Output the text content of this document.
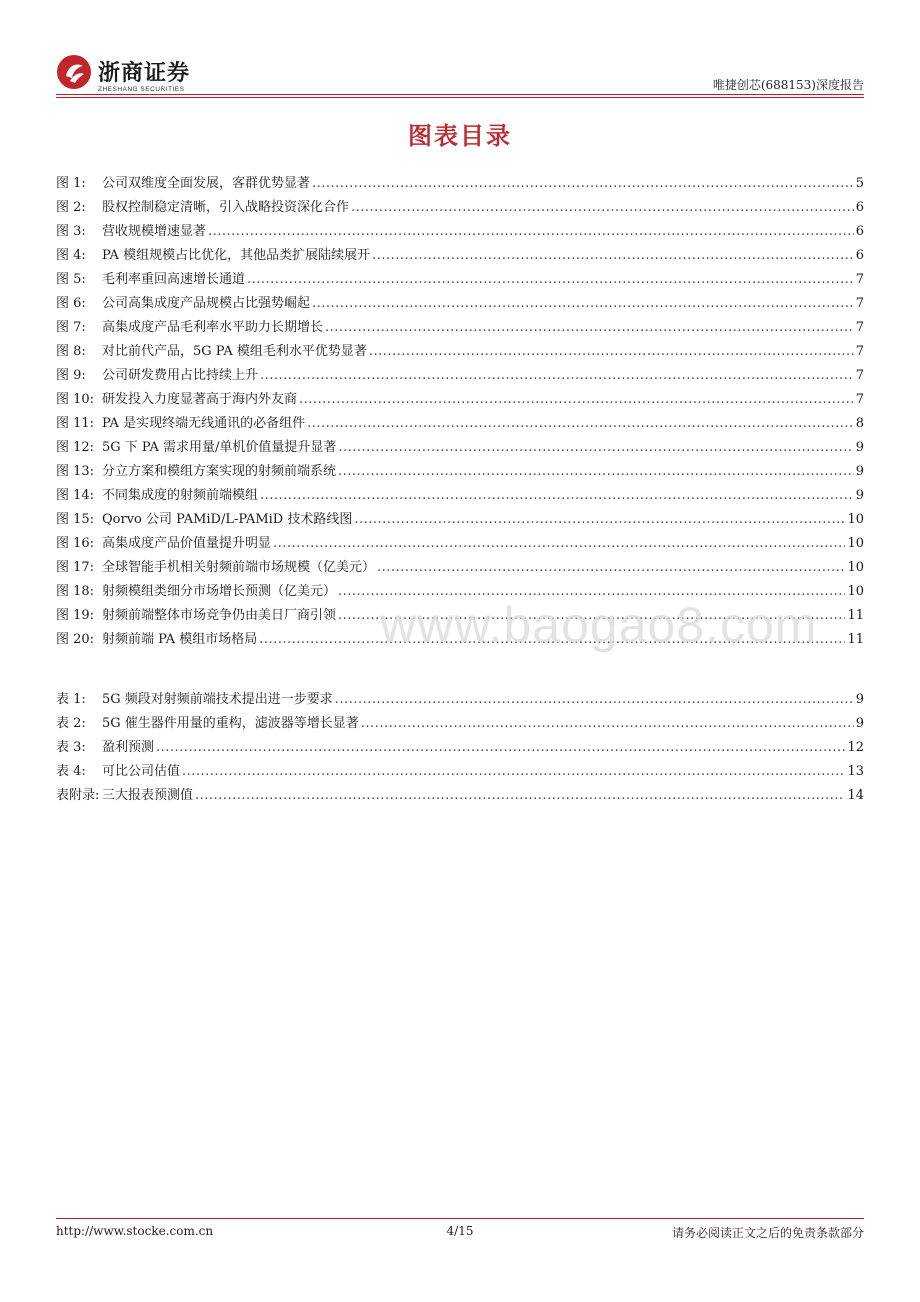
浙商证券
ZHESHANG SECURITIES	唯捷创芯(688153)深度报告
图表目录
图 1:	公司双维度全面发展，客群优势显著 .....	5
图 2:	股权控制稳定清晰，引入战略投资深化合作 .....	6
图 3:	营收规模增速显著 .....	6
图 4:	PA 模组规模占比优化，其他品类扩展陆续展开 .....	6
图 5:	毛利率重回高速增长通道 .....	7
图 6:	公司高集成度产品规模占比强势崛起 .....	7
图 7:	高集成度产品毛利率水平助力长期增长 .....	7
图 8:	对比前代产品，5G PA 模组毛利水平优势显著 .....	7
图 9:	公司研发费用占比持续上升 .....	7
图 10: 研发投入力度显著高于海内外友商 .....	7
图 11: PA 是实现终端无线通讯的必备组件 .....	8
图 12: 5G 下 PA 需求用量/单机价值量提升显著 .....	9
图 13: 分立方案和模组方案实现的射频前端系统 .....	9
图 14: 不同集成度的射频前端模组 .....	9
图 15: Qorvo 公司 PAMiD/L-PAMiD 技术路线图 .....	10
图 16: 高集成度产品价值量提升明显 .....	10
图 17: 全球智能手机相关射频前端市场规模（亿美元） .....	10
图 18: 射频模组类细分市场增长预测（亿美元） .....	10
图 19: 射频前端整体市场竞争仍由美日厂商引领 .....	11
图 20: 射频前端 PA 模组市场格局 .....	11
表 1:	5G 频段对射频前端技术提出进一步要求 .....	9
表 2:	5G 催生器件用量的重构，滤波器等增长显著 .....	9
表 3:	盈利预测 .....	12
表 4:	可比公司估值 .....	13
表附录: 三大报表预测值 .....	14
www.baogao8.com
http://www.stocke.com.cn	4/15	请务必阅读正文之后的免责条款部分
